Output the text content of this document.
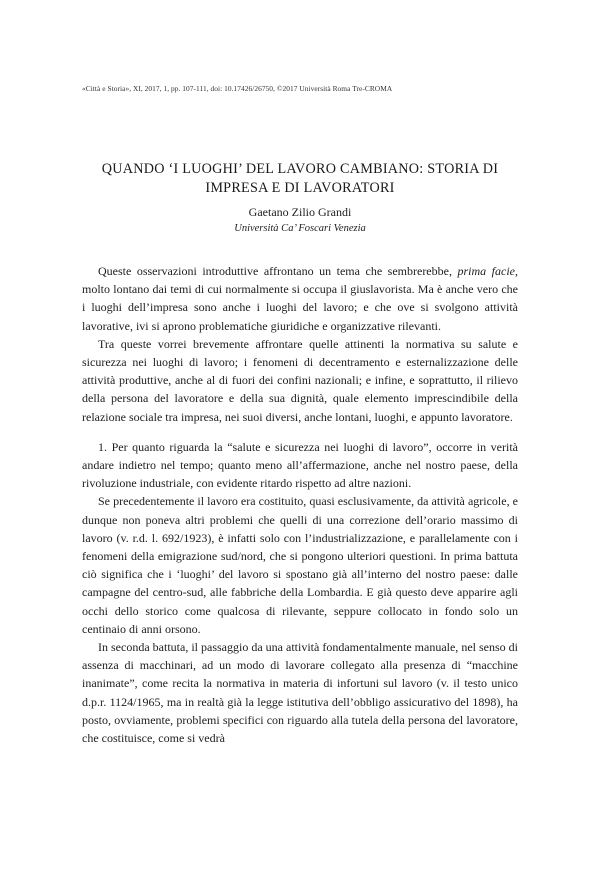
«Città e Storia», XI, 2017, 1, pp. 107-111, doi: 10.17426/26750, ©2017 Università Roma Tre-CROMA
QUANDO ‘I LUOGHI’ DEL LAVORO CAMBIANO: STORIA DI
IMPRESA E DI LAVORATORI
Gaetano Zilio Grandi
Università Ca’ Foscari Venezia

Queste osservazioni introduttive affrontano un tema che sembrerebbe, prima facie, molto lontano dai temi di cui normalmente si occupa il giuslavorista. Ma è anche vero che i luoghi dell’impresa sono anche i luoghi del lavoro; e che ove si svolgono attività lavorative, ivi si aprono problematiche giuridiche e organizzative rilevanti.

Tra queste vorrei brevemente affrontare quelle attinenti la normativa su salute e sicurezza nei luoghi di lavoro; i fenomeni di decentramento e esternalizzazione delle attività produttive, anche al di fuori dei confini nazionali; e infine, e soprattutto, il rilievo della persona del lavoratore e della sua dignità, quale elemento imprescindibile della relazione sociale tra impresa, nei suoi diversi, anche lontani, luoghi, e appunto lavoratore.

1. Per quanto riguarda la “salute e sicurezza nei luoghi di lavoro”, occorre in verità andare indietro nel tempo; quanto meno all’affermazione, anche nel nostro paese, della rivoluzione industriale, con evidente ritardo rispetto ad altre nazioni.

Se precedentemente il lavoro era costituito, quasi esclusivamente, da attività agricole, e dunque non poneva altri problemi che quelli di una correzione dell’orario massimo di lavoro (v. r.d. l. 692/1923), è infatti solo con l’industrializzazione, e parallelamente con i fenomeni della emigrazione sud/nord, che si pongono ulteriori questioni. In prima battuta ciò significa che i ‘luoghi’ del lavoro si spostano già all’interno del nostro paese: dalle campagne del centro-sud, alle fabbriche della Lombardia. E già questo deve apparire agli occhi dello storico come qualcosa di rilevante, seppure collocato in fondo solo un centinaio di anni orsono.

In seconda battuta, il passaggio da una attività fondamentalmente manuale, nel senso di assenza di macchinari, ad un modo di lavorare collegato alla presenza di “macchine inanimate”, come recita la normativa in materia di infortuni sul lavoro (v. il testo unico d.p.r. 1124/1965, ma in realtà già la legge istitutiva dell’obbligo assicurativo del 1898), ha posto, ovviamente, problemi specifici con riguardo alla tutela della persona del lavoratore, che costituisce, come si vedrà
